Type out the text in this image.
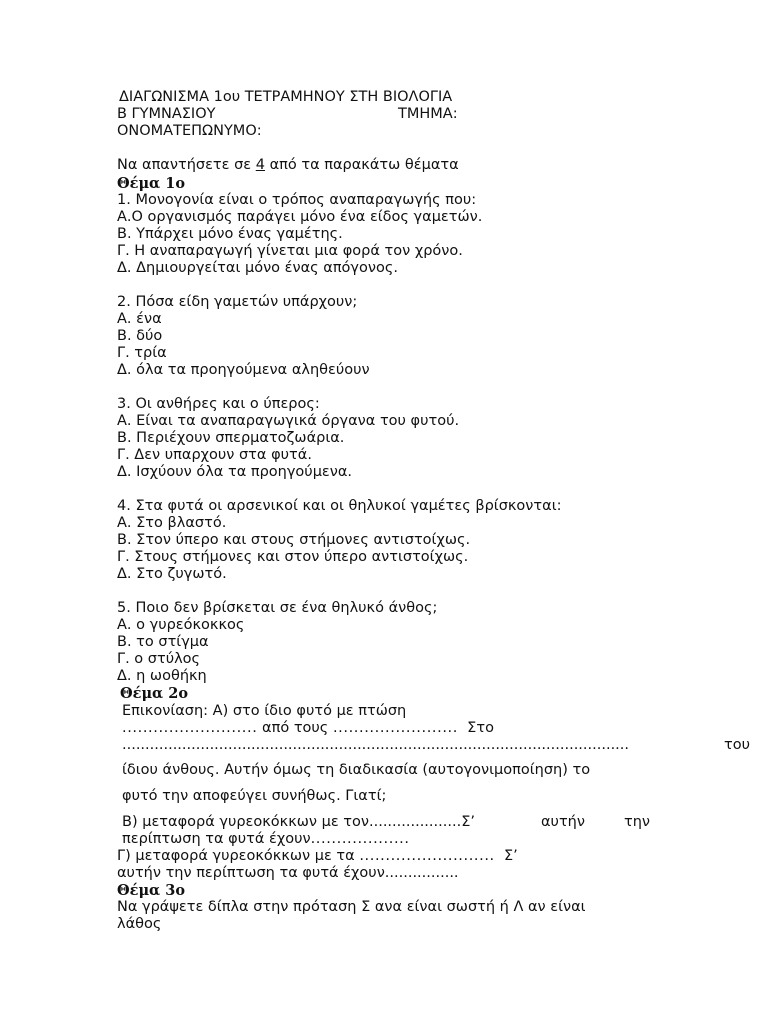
ΔΙΑΓΩΝΙΣΜΑ 1ου ΤΕΤΡΑΜΗΝΟΥ ΣΤΗ ΒΙΟΛΟΓΙΑ
Β ΓΥΜΝΑΣΙΟΥ	ΤΜΗΜΑ:
ΟΝΟΜΑΤΕΠΩΝΥΜΟ:
Να απαντήσετε σε 4 από τα παρακάτω θέματα
Θέμα 1ο
1. Μονογονία είναι ο τρόπος αναπαραγωγής που:
Α.Ο οργανισμός παράγει μόνο ένα είδος γαμετών.
Β. Υπάρχει μόνο ένας γαμέτης.
Γ. Η αναπαραγωγή γίνεται μια φορά τον χρόνο.
Δ. Δημιουργείται μόνο ένας απόγονος.
2. Πόσα είδη γαμετών υπάρχουν;
Α. ένα
Β. δύο
Γ. τρία
Δ. όλα τα προηγούμενα αληθεύουν
3. Οι ανθήρες και ο ύπερος:
Α. Είναι τα αναπαραγωγικά όργανα του φυτού.
Β. Περιέχουν σπερματοζωάρια.
Γ. Δεν υπαρχουν στα φυτά.
Δ. Ισχύουν όλα τα προηγούμενα.
4. Στα φυτά οι αρσενικοί και οι θηλυκοί γαμέτες βρίσκονται:
Α. Στο βλαστό.
Β. Στον ύπερο και στους στήμονες αντιστοίχως.
Γ. Στους στήμονες και στον ύπερο αντιστοίχως.
Δ. Στο ζυγωτό.
5. Ποιο δεν βρίσκεται σε ένα θηλυκό άνθος;
Α. ο γυρεόκοκκος
Β. το στίγμα
Γ. ο στύλος
Δ. η ωοθήκη
Θέμα 2ο
Επικονίαση: Α) στο ίδιο φυτό με πτώση
.......................... από τους ........................  Στο
..............................................................................................................	του
ίδιου άνθους. Αυτήν όμως τη διαδικασία (αυτογονιμοποίηση) το
φυτό την αποφεύγει συνήθως. Γιατί;
Β) μεταφορά γυρεοκόκκων με τον....................Σ’	αυτήν	την
περίπτωση τα φυτά έχουν...................
Γ) μεταφορά γυρεοκόκκων με τα ..........................  Σ’
αυτήν την περίπτωση τα φυτά έχουν................
Θέμα 3ο
Να γράψετε δίπλα στην πρόταση Σ ανα είναι σωστή ή Λ αν είναι
λάθος
